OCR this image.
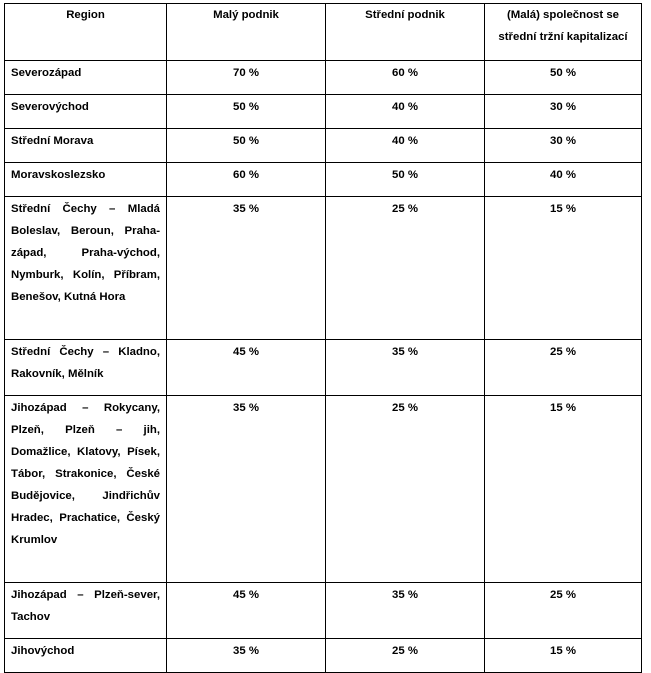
Region	Malý podnik	Střední podnik	(Malá) společnost se střední tržní kapitalizací
Severozápad	70 %	60 %	50 %
Severovýchod	50 %	40 %	30 %
Střední Morava	50 %	40 %	30 %
Moravskoslezsko	60 %	50 %	40 %
Střední Čechy – Mladá Boleslav, Beroun, Praha-západ, Praha-východ, Nymburk, Kolín, Příbram, Benešov, Kutná Hora	35 %	25 %	15 %
Střední Čechy – Kladno, Rakovník, Mělník	45 %	35 %	25 %
Jihozápad – Rokycany, Plzeň, Plzeň – jih, Domažlice, Klatovy, Písek, Tábor, Strakonice, České Budějovice, Jindřichův Hradec, Prachatice, Český Krumlov	35 %	25 %	15 %
Jihozápad – Plzeň-sever, Tachov	45 %	35 %	25 %
Jihovýchod	35 %	25 %	15 %
